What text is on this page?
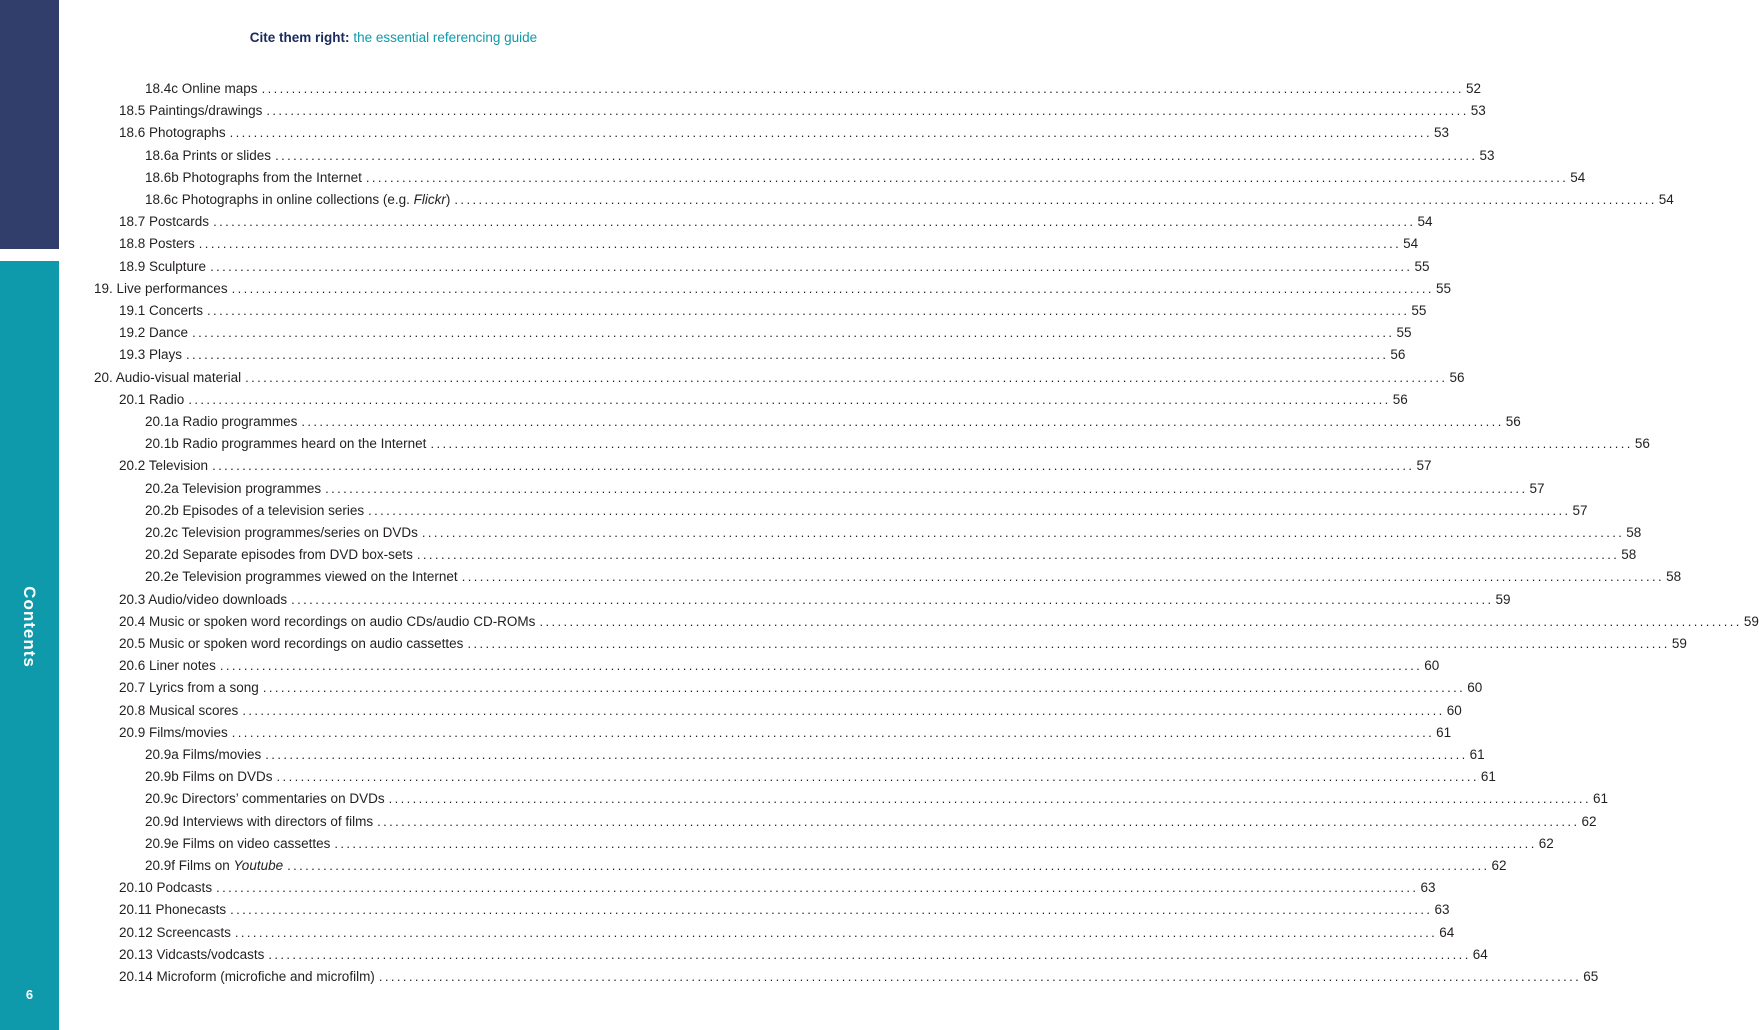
Contents
6
Cite them right: the essential referencing guide
18.4c Online maps ........................................................................................................................................................................................................ 52
18.5 Paintings/drawings ........................................................................................................................................................................................................ 53
18.6 Photographs ........................................................................................................................................................................................................ 53
18.6a Prints or slides ........................................................................................................................................................................................................ 53
18.6b Photographs from the Internet ........................................................................................................................................................................................................ 54
18.6c Photographs in online collections (e.g. Flickr) ........................................................................................................................................................................................................ 54
18.7 Postcards ........................................................................................................................................................................................................ 54
18.8 Posters ........................................................................................................................................................................................................ 54
18.9 Sculpture ........................................................................................................................................................................................................ 55
19. Live performances ........................................................................................................................................................................................................ 55
19.1 Concerts ........................................................................................................................................................................................................ 55
19.2 Dance ........................................................................................................................................................................................................ 55
19.3 Plays ........................................................................................................................................................................................................ 56
20. Audio-visual material ........................................................................................................................................................................................................ 56
20.1 Radio ........................................................................................................................................................................................................ 56
20.1a Radio programmes ........................................................................................................................................................................................................ 56
20.1b Radio programmes heard on the Internet ........................................................................................................................................................................................................ 56
20.2 Television ........................................................................................................................................................................................................ 57
20.2a Television programmes ........................................................................................................................................................................................................ 57
20.2b Episodes of a television series ........................................................................................................................................................................................................ 57
20.2c Television programmes/series on DVDs ........................................................................................................................................................................................................ 58
20.2d Separate episodes from DVD box-sets ........................................................................................................................................................................................................ 58
20.2e Television programmes viewed on the Internet ........................................................................................................................................................................................................ 58
20.3 Audio/video downloads ........................................................................................................................................................................................................ 59
20.4 Music or spoken word recordings on audio CDs/audio CD-ROMs ........................................................................................................................................................................................................ 59
20.5 Music or spoken word recordings on audio cassettes ........................................................................................................................................................................................................ 59
20.6 Liner notes ........................................................................................................................................................................................................ 60
20.7 Lyrics from a song ........................................................................................................................................................................................................ 60
20.8 Musical scores ........................................................................................................................................................................................................ 60
20.9 Films/movies ........................................................................................................................................................................................................ 61
20.9a Films/movies ........................................................................................................................................................................................................ 61
20.9b Films on DVDs ........................................................................................................................................................................................................ 61
20.9c Directors’ commentaries on DVDs ........................................................................................................................................................................................................ 61
20.9d Interviews with directors of films ........................................................................................................................................................................................................ 62
20.9e Films on video cassettes ........................................................................................................................................................................................................ 62
20.9f Films on Youtube ........................................................................................................................................................................................................ 62
20.10 Podcasts ........................................................................................................................................................................................................ 63
20.11 Phonecasts ........................................................................................................................................................................................................ 63
20.12 Screencasts ........................................................................................................................................................................................................ 64
20.13 Vidcasts/vodcasts ........................................................................................................................................................................................................ 64
20.14 Microform (microfiche and microfilm) ........................................................................................................................................................................................................ 65
